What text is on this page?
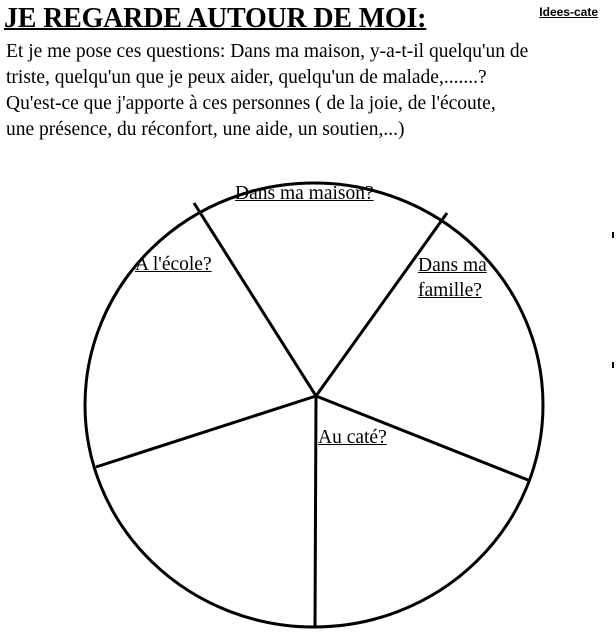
JE REGARDE AUTOUR DE MOI:	Idees-cate
Et je me pose ces questions: Dans ma maison, y-a-t-il quelqu'un de
triste, quelqu'un que je peux aider, quelqu'un de malade,.......?
Qu'est-ce que j'apporte à ces personnes ( de la joie, de l'écoute,
une présence, du réconfort, une aide, un soutien,...)
Dans ma maison?
Dans ma
famille?
Au caté?
A l'école?
